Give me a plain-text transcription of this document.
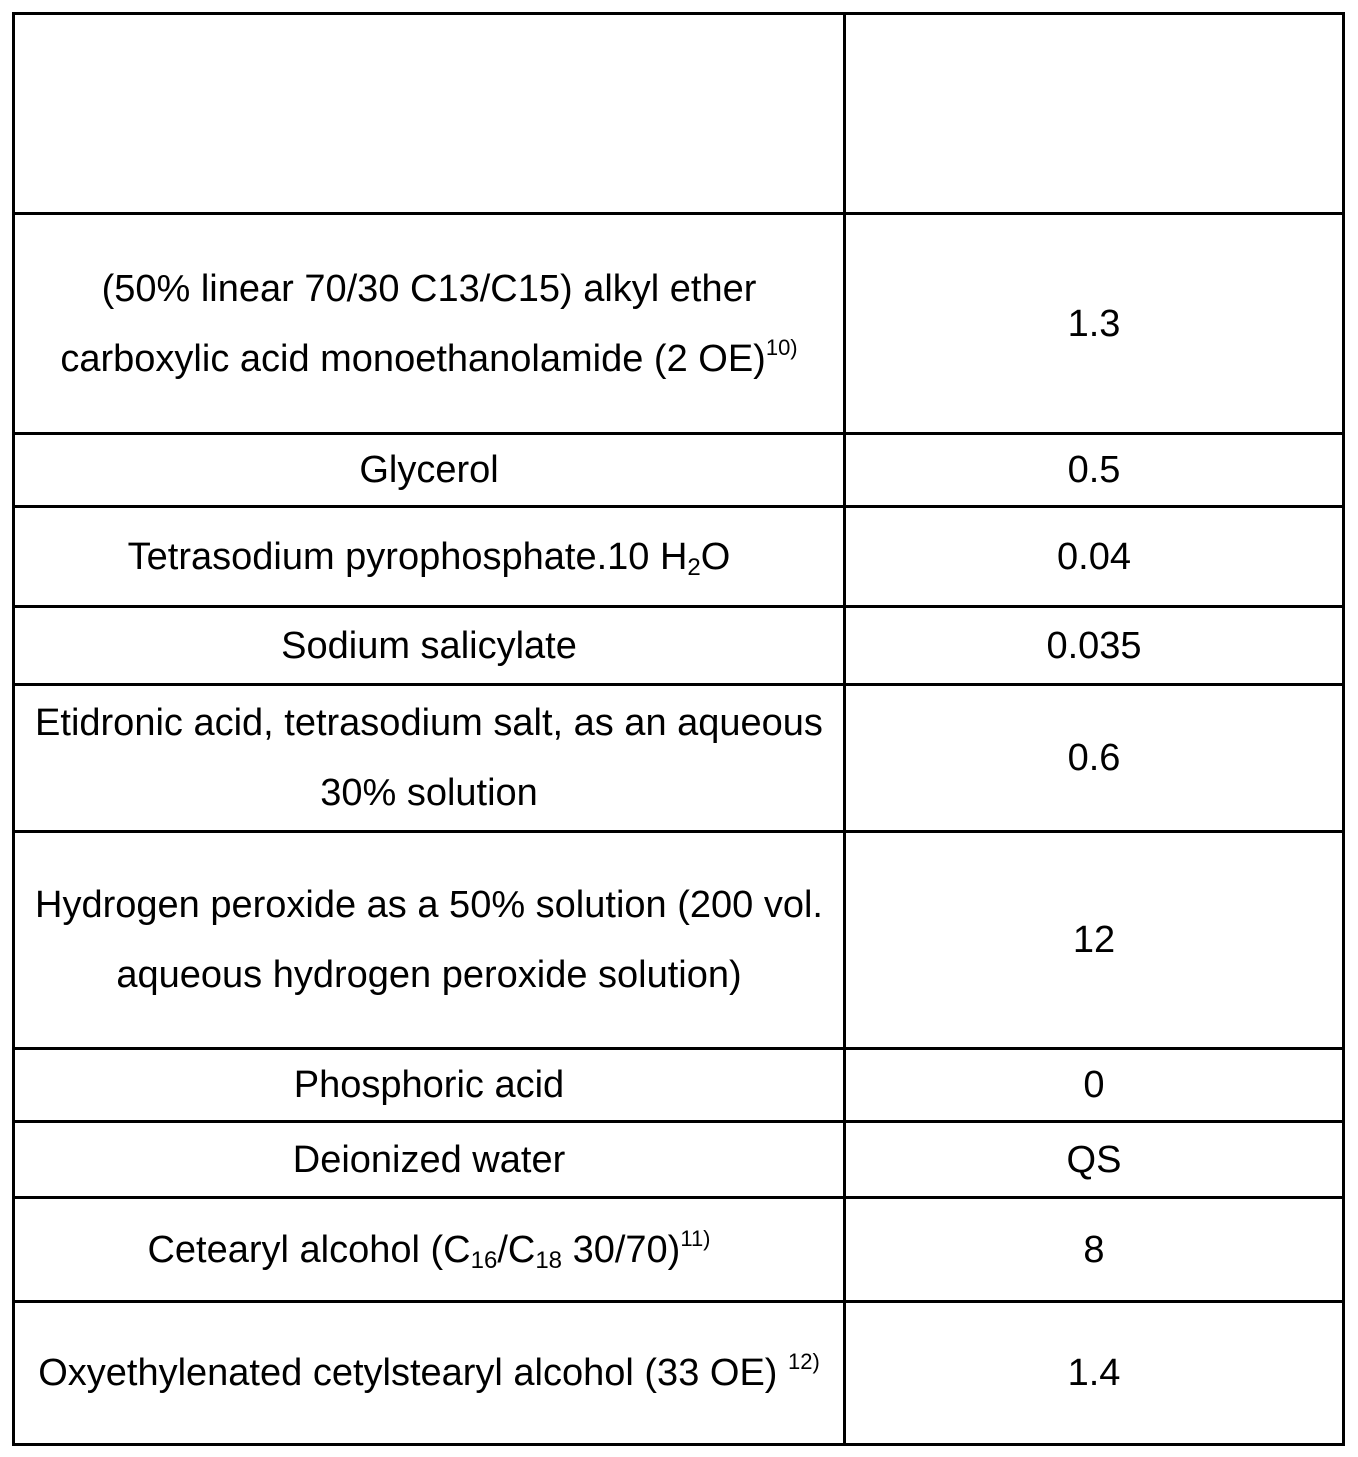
(50% linear 70/30 C13/C15) alkyl ether carboxylic acid monoethanolamide (2 OE)10)	1.3
Glycerol	0.5
Tetrasodium pyrophosphate.10 H2O	0.04
Sodium salicylate	0.035
Etidronic acid, tetrasodium salt, as an aqueous 30% solution	0.6
Hydrogen peroxide as a 50% solution (200 vol. aqueous hydrogen peroxide solution)	12
Phosphoric acid	0
Deionized water	QS
Cetearyl alcohol (C16/C18 30/70)11)	8
Oxyethylenated cetylstearyl alcohol (33 OE) 12)	1.4
